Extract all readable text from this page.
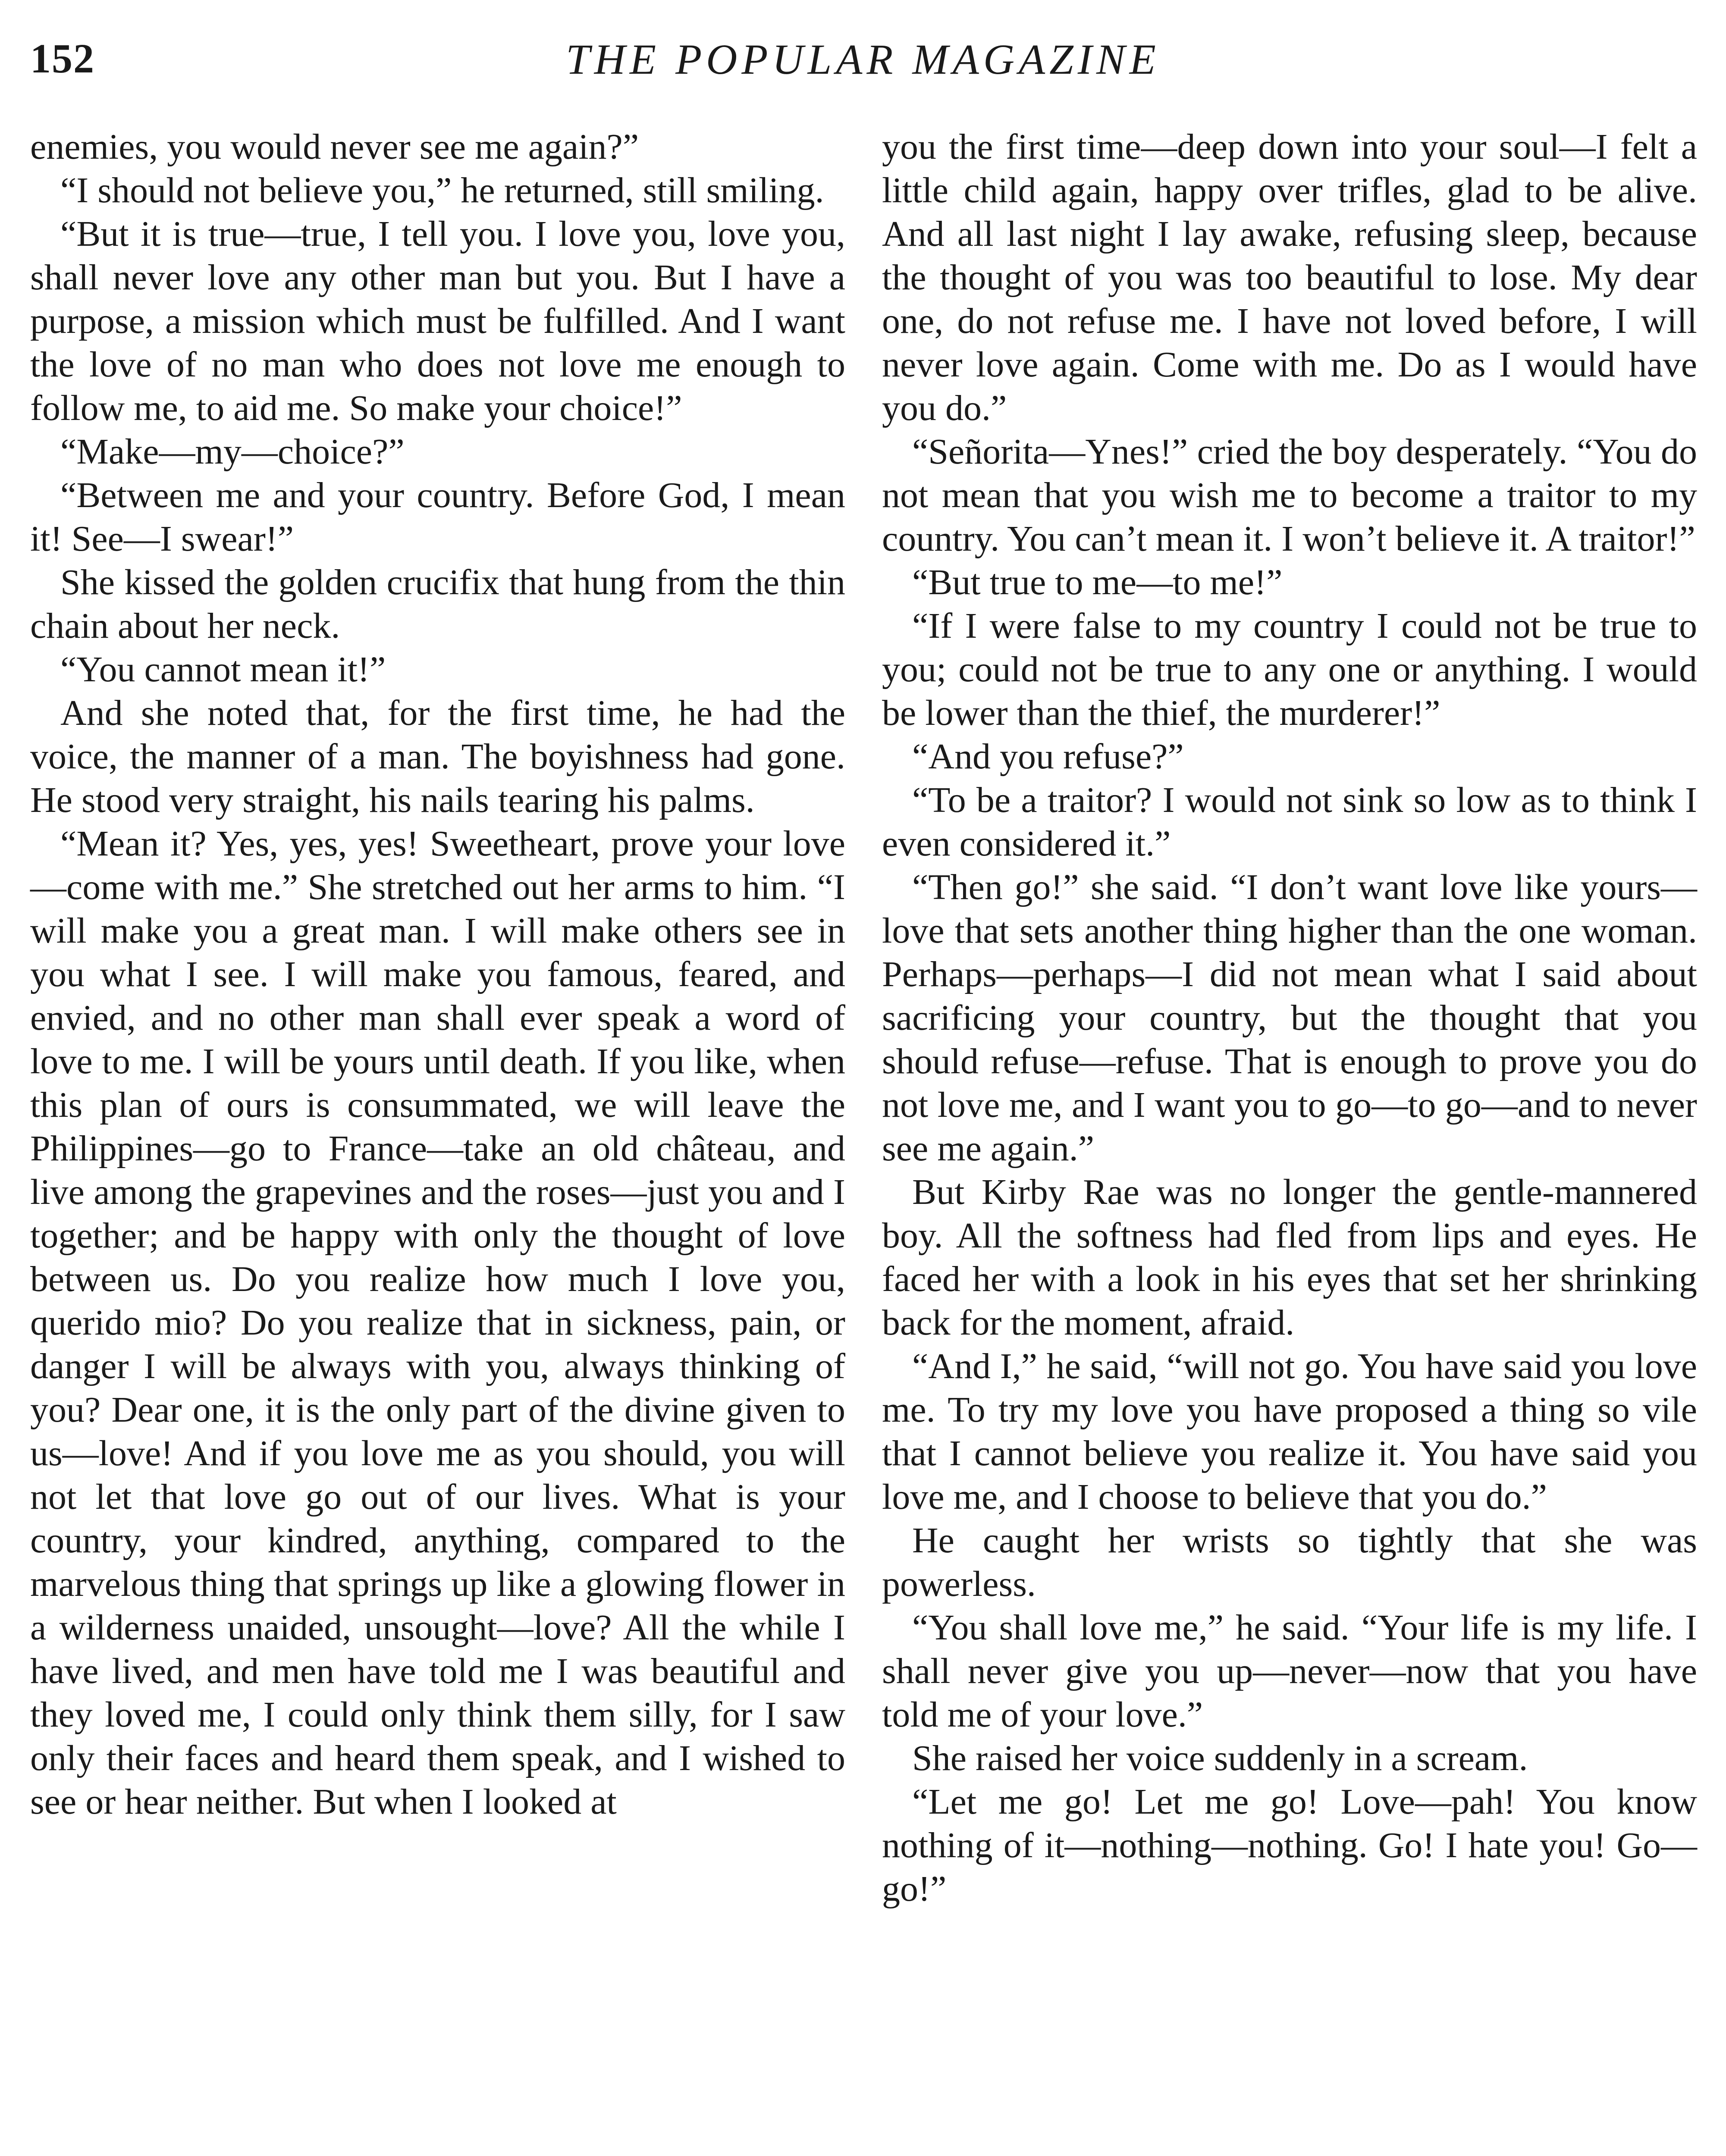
152	THE POPULAR MAGAZINE

enemies, you would never see me again?”

“I should not believe you,” he returned, still smiling.

“But it is true—true, I tell you. I love you, love you, shall never love any other man but you. But I have a purpose, a mission which must be fulfilled. And I want the love of no man who does not love me enough to follow me, to aid me. So make your choice!”

“Make—my—choice?”

“Between me and your country. Before God, I mean it! See—I swear!”

She kissed the golden crucifix that hung from the thin chain about her neck.

“You cannot mean it!”

And she noted that, for the first time, he had the voice, the manner of a man. The boyishness had gone. He stood very straight, his nails tearing his palms.

“Mean it? Yes, yes, yes! Sweetheart, prove your love—come with me.” She stretched out her arms to him. “I will make you a great man. I will make others see in you what I see. I will make you famous, feared, and envied, and no other man shall ever speak a word of love to me. I will be yours until death. If you like, when this plan of ours is consummated, we will leave the Philippines—go to France—take an old château, and live among the grapevines and the roses—just you and I together; and be happy with only the thought of love between us. Do you realize how much I love you, querido mio? Do you realize that in sickness, pain, or danger I will be always with you, always thinking of you? Dear one, it is the only part of the divine given to us—love! And if you love me as you should, you will not let that love go out of our lives. What is your country, your kindred, anything, compared to the marvelous thing that springs up like a glowing flower in a wilderness unaided, unsought—love? All the while I have lived, and men have told me I was beautiful and they loved me, I could only think them silly, for I saw only their faces and heard them speak, and I wished to see or hear neither. But when I looked at

you the first time—deep down into your soul—I felt a little child again, happy over trifles, glad to be alive. And all last night I lay awake, refusing sleep, because the thought of you was too beautiful to lose. My dear one, do not refuse me. I have not loved before, I will never love again. Come with me. Do as I would have you do.”

“Señorita—Ynes!” cried the boy desperately. “You do not mean that you wish me to become a traitor to my country. You can’t mean it. I won’t believe it. A traitor!”

“But true to me—to me!”

“If I were false to my country I could not be true to you; could not be true to any one or anything. I would be lower than the thief, the murderer!”

“And you refuse?”

“To be a traitor? I would not sink so low as to think I even considered it.”

“Then go!” she said. “I don’t want love like yours—love that sets another thing higher than the one woman. Perhaps—perhaps—I did not mean what I said about sacrificing your country, but the thought that you should refuse—refuse. That is enough to prove you do not love me, and I want you to go—to go—and to never see me again.”

But Kirby Rae was no longer the gentle-mannered boy. All the softness had fled from lips and eyes. He faced her with a look in his eyes that set her shrinking back for the moment, afraid.

“And I,” he said, “will not go. You have said you love me. To try my love you have proposed a thing so vile that I cannot believe you realize it. You have said you love me, and I choose to believe that you do.”

He caught her wrists so tightly that she was powerless.

“You shall love me,” he said. “Your life is my life. I shall never give you up—never—now that you have told me of your love.”

She raised her voice suddenly in a scream.

“Let me go! Let me go! Love—pah! You know nothing of it—nothing—nothing. Go! I hate you! Go—go!”
